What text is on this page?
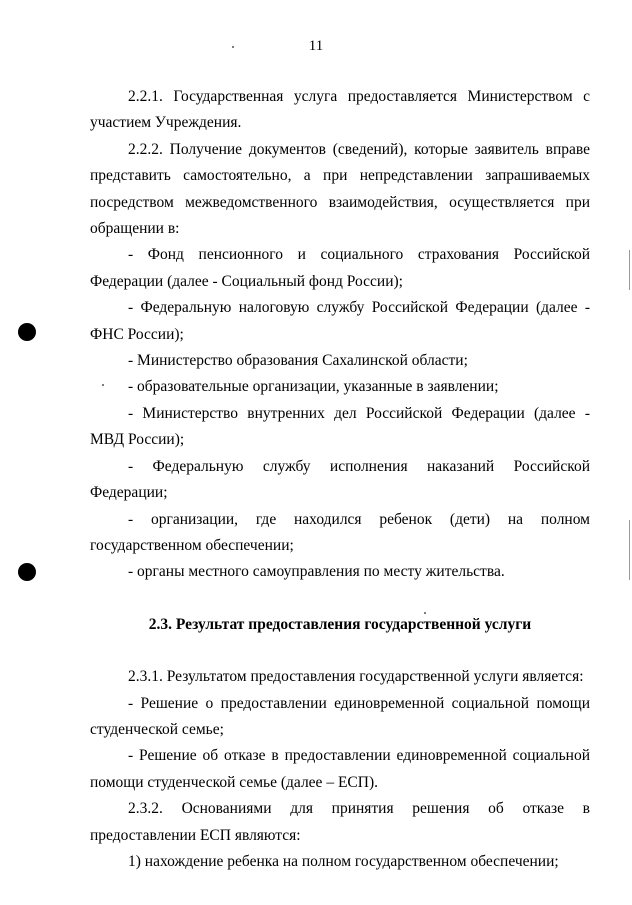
11

2.2.1. Государственная услуга предоставляется Министерством с участием Учреждения.

2.2.2. Получение документов (сведений), которые заявитель вправе представить самостоятельно, а при непредставлении запрашиваемых посредством межведомственного взаимодействия, осуществляется при обращении в:

- Фонд пенсионного и социального страхования Российской Федерации (далее - Социальный фонд России);

- Федеральную налоговую службу Российской Федерации (далее - ФНС России);

- Министерство образования Сахалинской области;

- образовательные организации, указанные в заявлении;

- Министерство внутренних дел Российской Федерации (далее - МВД России);

- Федеральную службу исполнения наказаний Российской Федерации;

- организации, где находился ребенок (дети) на полном государственном обеспечении;

- органы местного самоуправления по месту жительства.

2.3. Результат предоставления государственной услуги

2.3.1. Результатом предоставления государственной услуги является:

- Решение о предоставлении единовременной социальной помощи студенческой семье;

- Решение об отказе в предоставлении единовременной социальной помощи студенческой семье (далее – ЕСП).

2.3.2. Основаниями для принятия решения об отказе в предоставлении ЕСП являются:

1) нахождение ребенка на полном государственном обеспечении;
